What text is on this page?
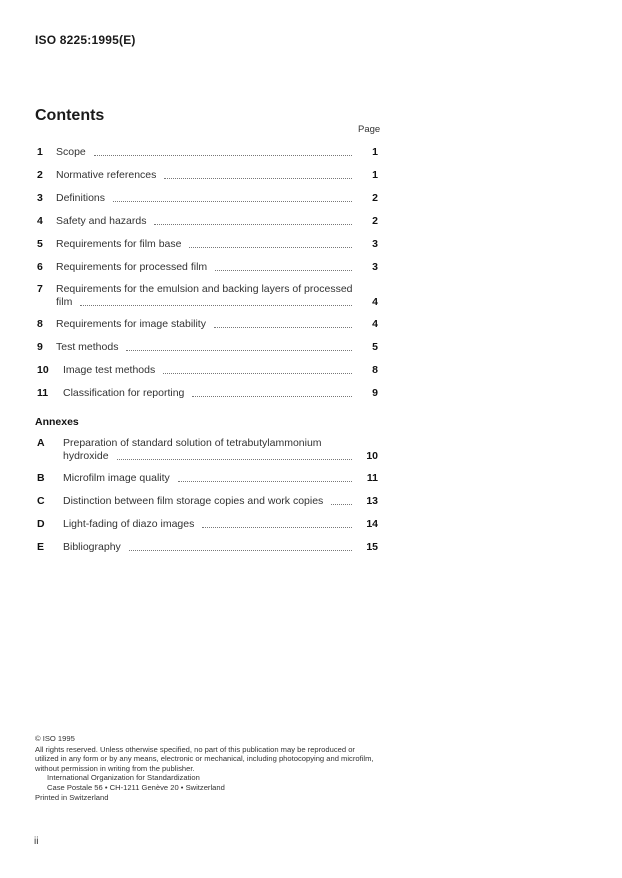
ISO 8225:1995(E)
Contents
Page
1	Scope	1
2	Normative references	1
3	Definitions	2
4	Safety and hazards	2
5	Requirements for film base	3
6	Requirements for processed film	3
7	Requirements for the emulsion and backing layers of processed
film	4
8	Requirements for image stability	4
9	Test methods	5
10	Image test methods	8
11	Classification for reporting	9
A	Preparation of standard solution of tetrabutylammonium
hydroxide	10
B	Microfilm image quality	11
C	Distinction between film storage copies and work copies	13
D	Light-fading of diazo images	14
E	Bibliography	15
Annexes
© ISO 1995
All rights reserved. Unless otherwise specified, no part of this publication may be reproduced or utilized in any form or by any means, electronic or mechanical, including photocopying and microfilm, without permission in writing from the publisher.
International Organization for Standardization
Case Postale 56 • CH-1211 Genève 20 • Switzerland
Printed in Switzerland
ii
